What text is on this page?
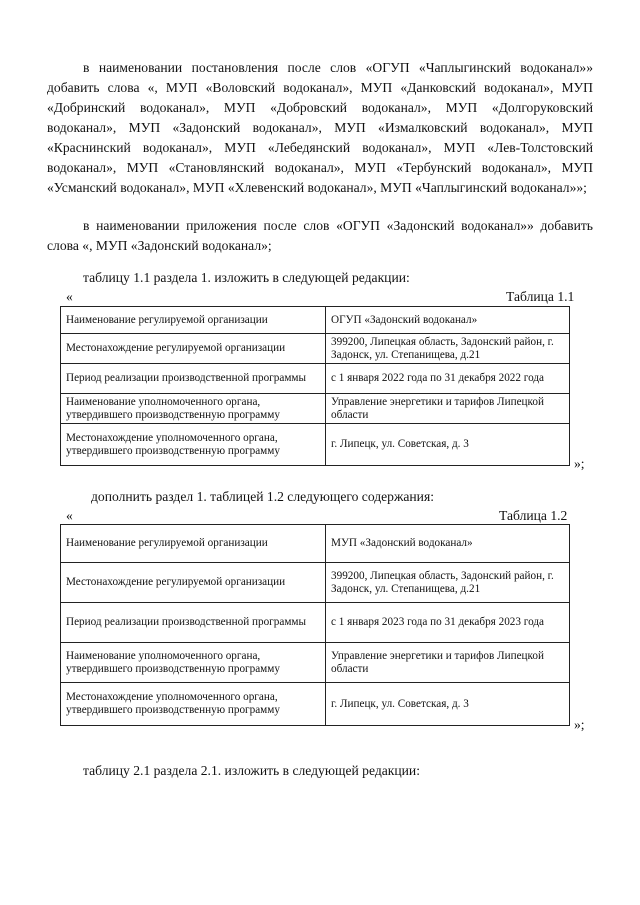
в наименовании постановления после слов «ОГУП «Чаплыгинский водоканал»» добавить слова «, МУП «Воловский водоканал», МУП «Данковский водоканал», МУП «Добринский водоканал», МУП «Добровский водоканал», МУП «Долгоруковский водоканал», МУП «Задонский водоканал», МУП «Измалковский водоканал», МУП «Краснинский водоканал», МУП «Лебедянский водоканал», МУП «Лев-Толстовский водоканал», МУП «Становлянский водоканал», МУП «Тербунский водоканал», МУП «Усманский водоканал», МУП «Хлевенский водоканал», МУП «Чаплыгинский водоканал»»;

в наименовании приложения после слов «ОГУП «Задонский водоканал»» добавить слова «, МУП «Задонский водоканал»;

таблицу 1.1 раздела 1. изложить в следующей редакции:

«	Таблица 1.1
Наименование регулируемой организации	ОГУП «Задонский водоканал»
Местонахождение регулируемой организации	399200, Липецкая область, Задонский район, г. Задонск, ул. Степанищева, д.21
Период реализации производственной программы	с 1 января 2022 года по 31 декабря 2022 года
Наименование уполномоченного органа, утвердившего производственную программу	Управление энергетики и тарифов Липецкой области
Местонахождение уполномоченного органа, утвердившего производственную программу	г. Липецк, ул. Советская, д. 3
»;

дополнить раздел 1. таблицей 1.2 следующего содержания:

«	Таблица 1.2
Наименование регулируемой организации	МУП «Задонский водоканал»
Местонахождение регулируемой организации	399200, Липецкая область, Задонский район, г. Задонск, ул. Степанищева, д.21
Период реализации производственной программы	с 1 января 2023 года по 31 декабря 2023 года
Наименование уполномоченного органа, утвердившего производственную программу	Управление энергетики и тарифов Липецкой области
Местонахождение уполномоченного органа, утвердившего производственную программу	г. Липецк, ул. Советская, д. 3
»;

таблицу 2.1 раздела 2.1. изложить в следующей редакции:
